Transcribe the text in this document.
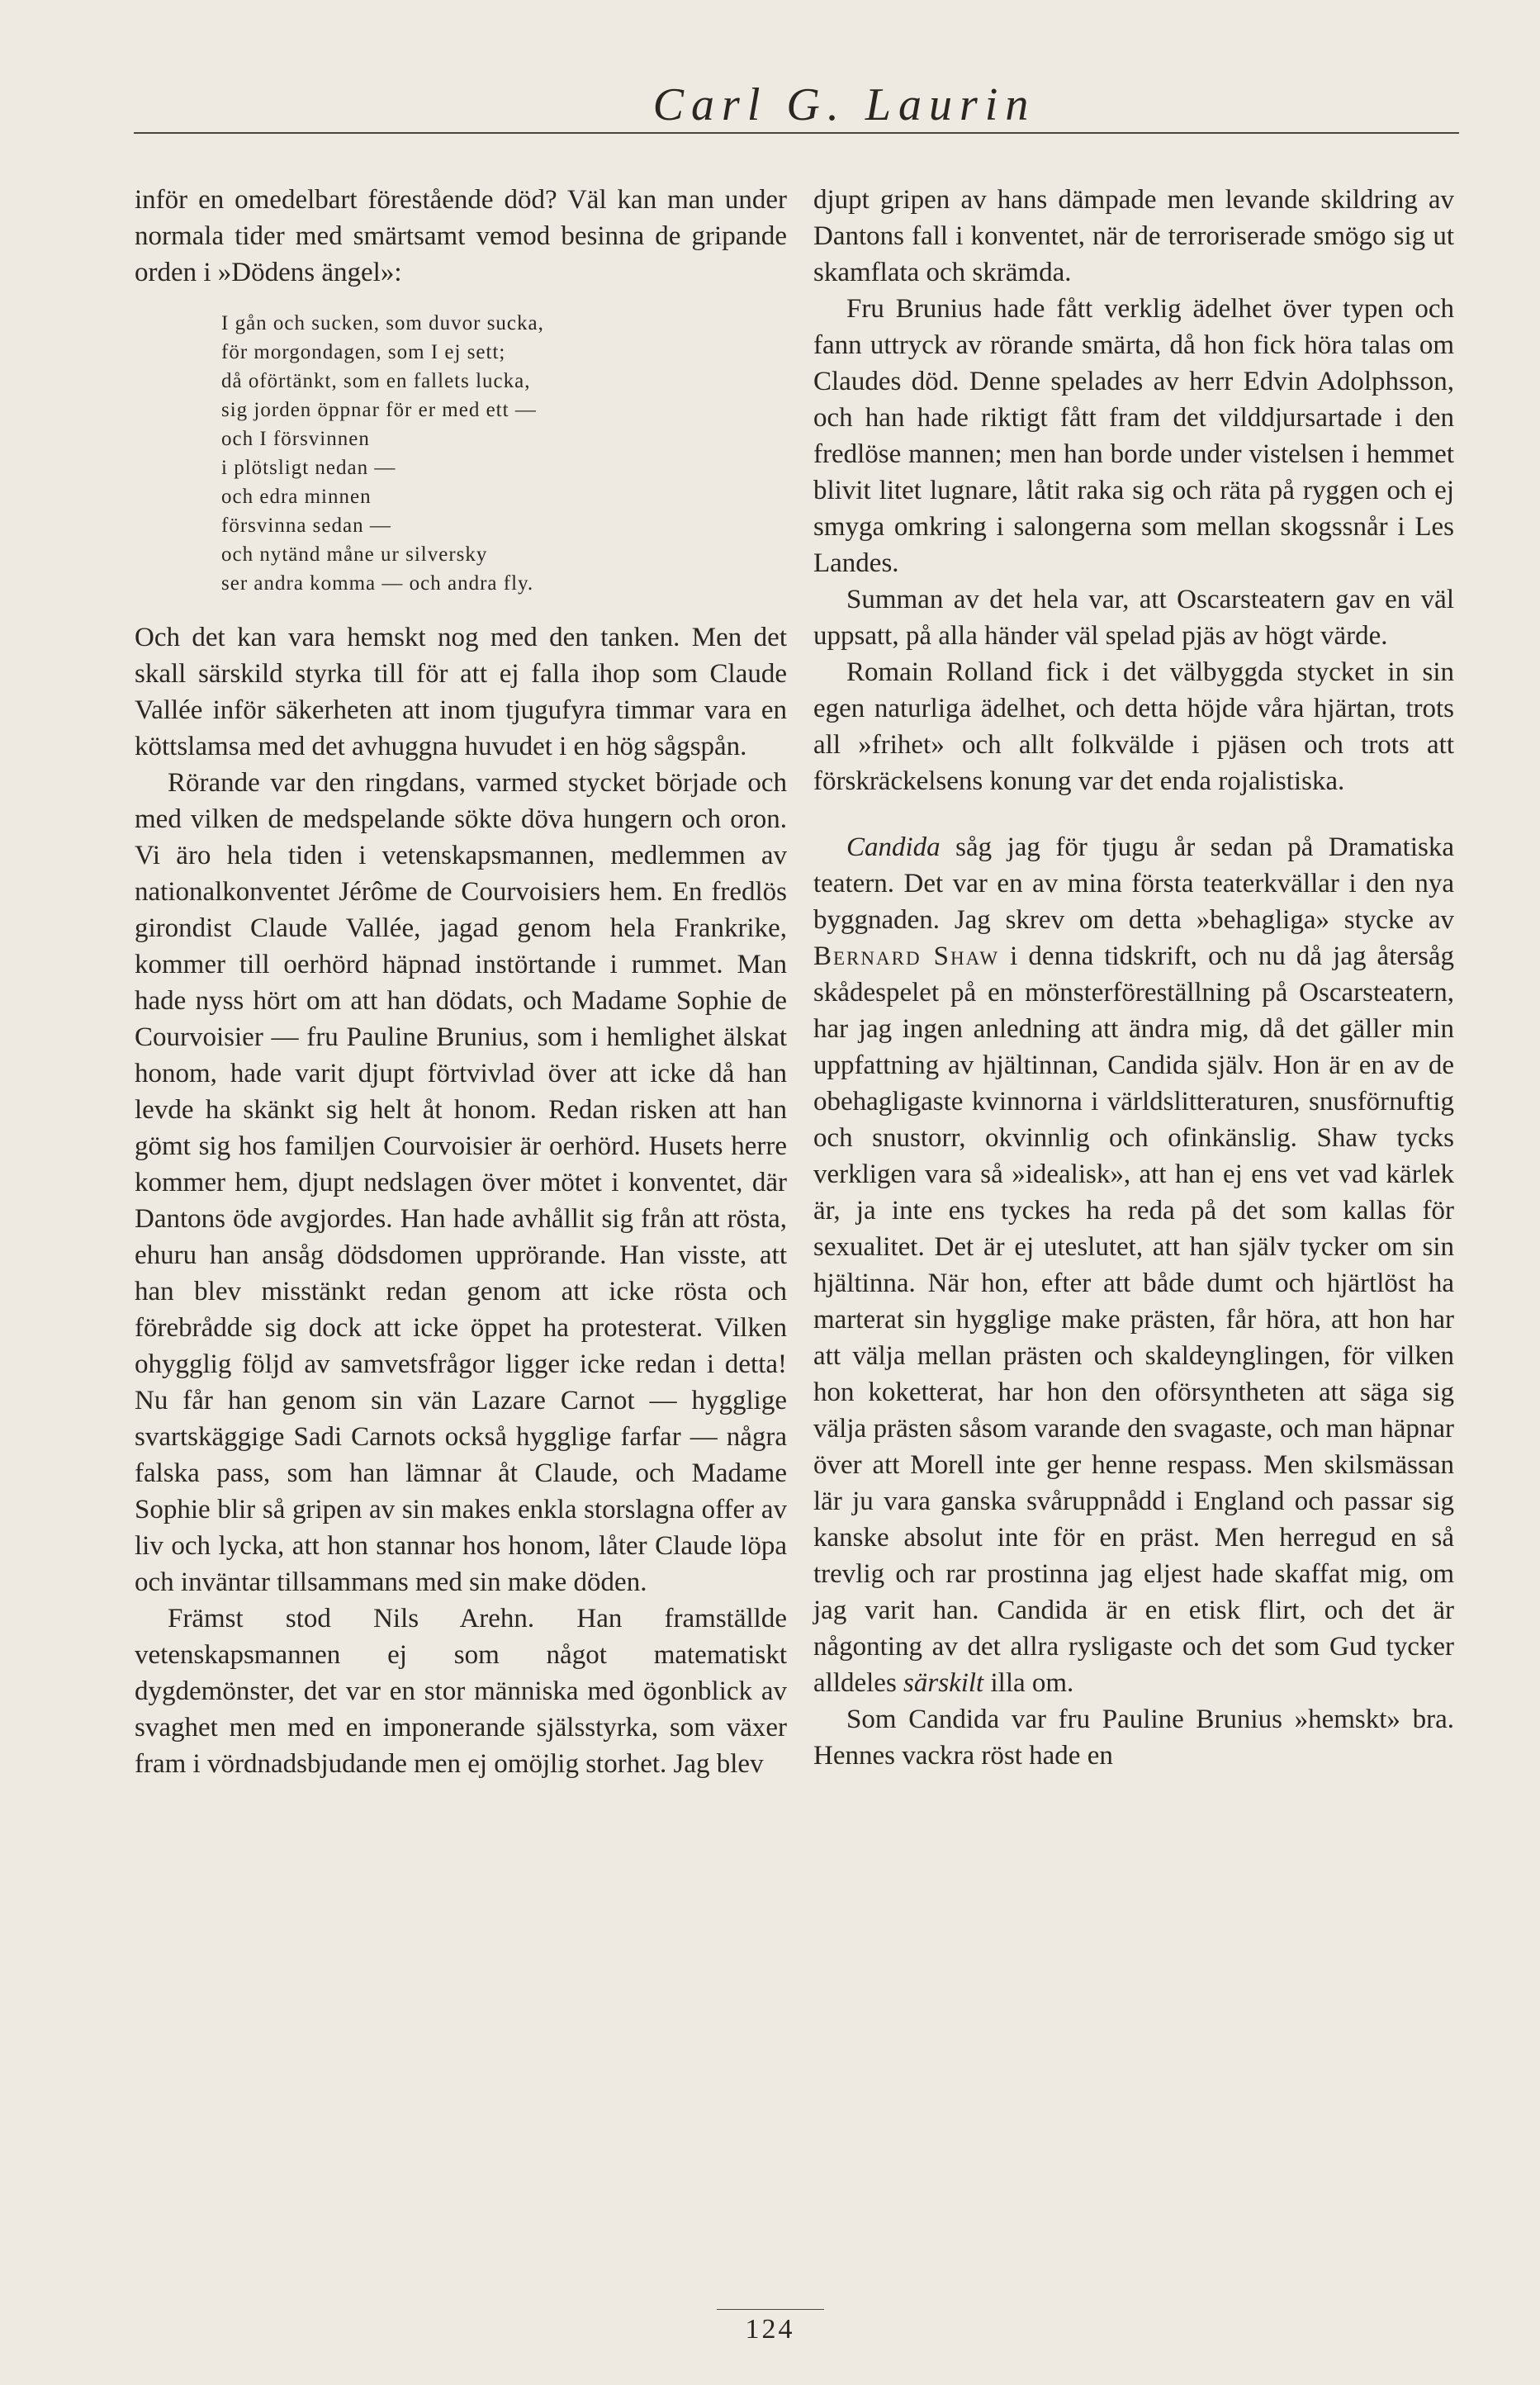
Carl G. Laurin

inför en omedelbart förestående död? Väl kan man under normala tider med smärtsamt vemod besinna de gripande orden i »Dödens ängel»:

I gån och sucken, som duvor sucka,
för morgondagen, som I ej sett;
då oförtänkt, som en fallets lucka,
sig jorden öppnar för er med ett —
och I försvinnen
i plötsligt nedan —
och edra minnen
försvinna sedan —
och nytänd måne ur silversky
ser andra komma — och andra fly.

Och det kan vara hemskt nog med den tanken. Men det skall särskild styrka till för att ej falla ihop som Claude Vallée inför säkerheten att inom tjugufyra timmar vara en köttslamsa med det avhuggna huvudet i en hög sågspån.

Rörande var den ringdans, varmed stycket började och med vilken de medspelande sökte döva hungern och oron. Vi äro hela tiden i vetenskapsmannen, medlemmen av nationalkonventet Jérôme de Courvoisiers hem. En fredlös girondist Claude Vallée, jagad genom hela Frankrike, kommer till oerhörd häpnad instörtande i rummet. Man hade nyss hört om att han dödats, och Madame Sophie de Courvoisier — fru Pauline Brunius, som i hemlighet älskat honom, hade varit djupt förtvivlad över att icke då han levde ha skänkt sig helt åt honom. Redan risken att han gömt sig hos familjen Courvoisier är oerhörd. Husets herre kommer hem, djupt nedslagen över mötet i konventet, där Dantons öde avgjordes. Han hade avhållit sig från att rösta, ehuru han ansåg dödsdomen upprörande. Han visste, att han blev misstänkt redan genom att icke rösta och förebrådde sig dock att icke öppet ha protesterat. Vilken ohygglig följd av samvetsfrågor ligger icke redan i detta! Nu får han genom sin vän Lazare Carnot — hygglige svartskäggige Sadi Carnots också hygglige farfar — några falska pass, som han lämnar åt Claude, och Madame Sophie blir så gripen av sin makes enkla storslagna offer av liv och lycka, att hon stannar hos honom, låter Claude löpa och inväntar tillsammans med sin make döden.

Främst stod Nils Arehn. Han framställde vetenskapsmannen ej som något matematiskt dygdemönster, det var en stor människa med ögonblick av svaghet men med en imponerande själsstyrka, som växer fram i vördnadsbjudande men ej omöjlig storhet. Jag blev

djupt gripen av hans dämpade men levande skildring av Dantons fall i konventet, när de terroriserade smögo sig ut skamflata och skrämda.

Fru Brunius hade fått verklig ädelhet över typen och fann uttryck av rörande smärta, då hon fick höra talas om Claudes död. Denne spelades av herr Edvin Adolphsson, och han hade riktigt fått fram det vilddjursartade i den fredlöse mannen; men han borde under vistelsen i hemmet blivit litet lugnare, låtit raka sig och räta på ryggen och ej smyga omkring i salongerna som mellan skogssnår i Les Landes.

Summan av det hela var, att Oscarsteatern gav en väl uppsatt, på alla händer väl spelad pjäs av högt värde.

Romain Rolland fick i det välbyggda stycket in sin egen naturliga ädelhet, och detta höjde våra hjärtan, trots all »frihet» och allt folkvälde i pjäsen och trots att förskräckelsens konung var det enda rojalistiska.

Candida såg jag för tjugu år sedan på Dramatiska teatern. Det var en av mina första teaterkvällar i den nya byggnaden. Jag skrev om detta »behagliga» stycke av Bernard Shaw i denna tidskrift, och nu då jag återsåg skådespelet på en mönsterföreställning på Oscarsteatern, har jag ingen anledning att ändra mig, då det gäller min uppfattning av hjältinnan, Candida själv. Hon är en av de obehagligaste kvinnorna i världslitteraturen, snusförnuftig och snustorr, okvinnlig och ofinkänslig. Shaw tycks verkligen vara så »idealisk», att han ej ens vet vad kärlek är, ja inte ens tyckes ha reda på det som kallas för sexualitet. Det är ej uteslutet, att han själv tycker om sin hjältinna. När hon, efter att både dumt och hjärtlöst ha marterat sin hygglige make prästen, får höra, att hon har att välja mellan prästen och skaldeynglingen, för vilken hon koketterat, har hon den oförsyntheten att säga sig välja prästen såsom varande den svagaste, och man häpnar över att Morell inte ger henne respass. Men skilsmässan lär ju vara ganska svåruppnådd i England och passar sig kanske absolut inte för en präst. Men herregud en så trevlig och rar prostinna jag eljest hade skaffat mig, om jag varit han. Candida är en etisk flirt, och det är någonting av det allra rysligaste och det som Gud tycker alldeles särskilt illa om.

Som Candida var fru Pauline Brunius »hemskt» bra. Hennes vackra röst hade en

124
